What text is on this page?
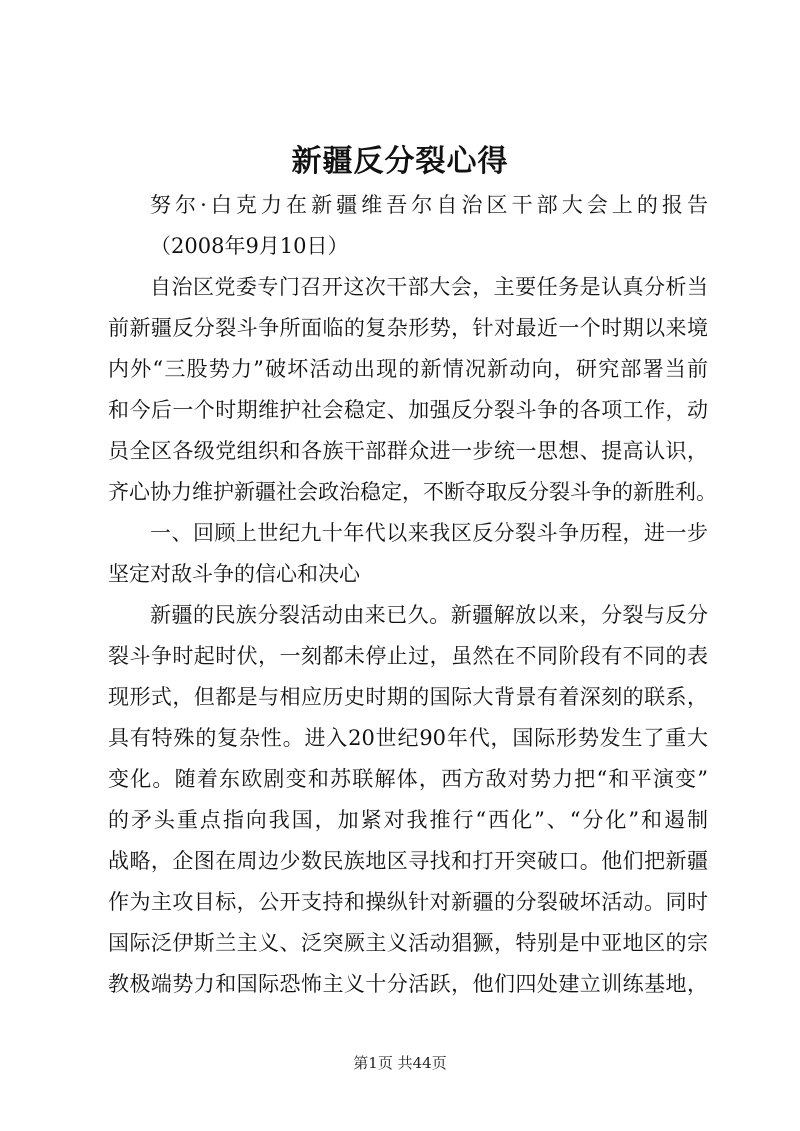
新疆反分裂心得
努尔·白克力在新疆维吾尔自治区干部大会上的报告
（2008年9月10日）
自治区党委专门召开这次干部大会，主要任务是认真分析当
前新疆反分裂斗争所面临的复杂形势，针对最近一个时期以来境
内外“三股势力”破坏活动出现的新情况新动向，研究部署当前
和今后一个时期维护社会稳定、加强反分裂斗争的各项工作，动
员全区各级党组织和各族干部群众进一步统一思想、提高认识，
齐心协力维护新疆社会政治稳定，不断夺取反分裂斗争的新胜利。
一、回顾上世纪九十年代以来我区反分裂斗争历程，进一步
坚定对敌斗争的信心和决心
新疆的民族分裂活动由来已久。新疆解放以来，分裂与反分
裂斗争时起时伏，一刻都未停止过，虽然在不同阶段有不同的表
现形式，但都是与相应历史时期的国际大背景有着深刻的联系，
具有特殊的复杂性。进入20世纪90年代，国际形势发生了重大
变化。随着东欧剧变和苏联解体，西方敌对势力把“和平演变”
的矛头重点指向我国，加紧对我推行“西化”、“分化”和遏制
战略，企图在周边少数民族地区寻找和打开突破口。他们把新疆
作为主攻目标，公开支持和操纵针对新疆的分裂破坏活动。同时
国际泛伊斯兰主义、泛突厥主义活动猖獗，特别是中亚地区的宗
教极端势力和国际恐怖主义十分活跃，他们四处建立训练基地，
第1页 共44页
